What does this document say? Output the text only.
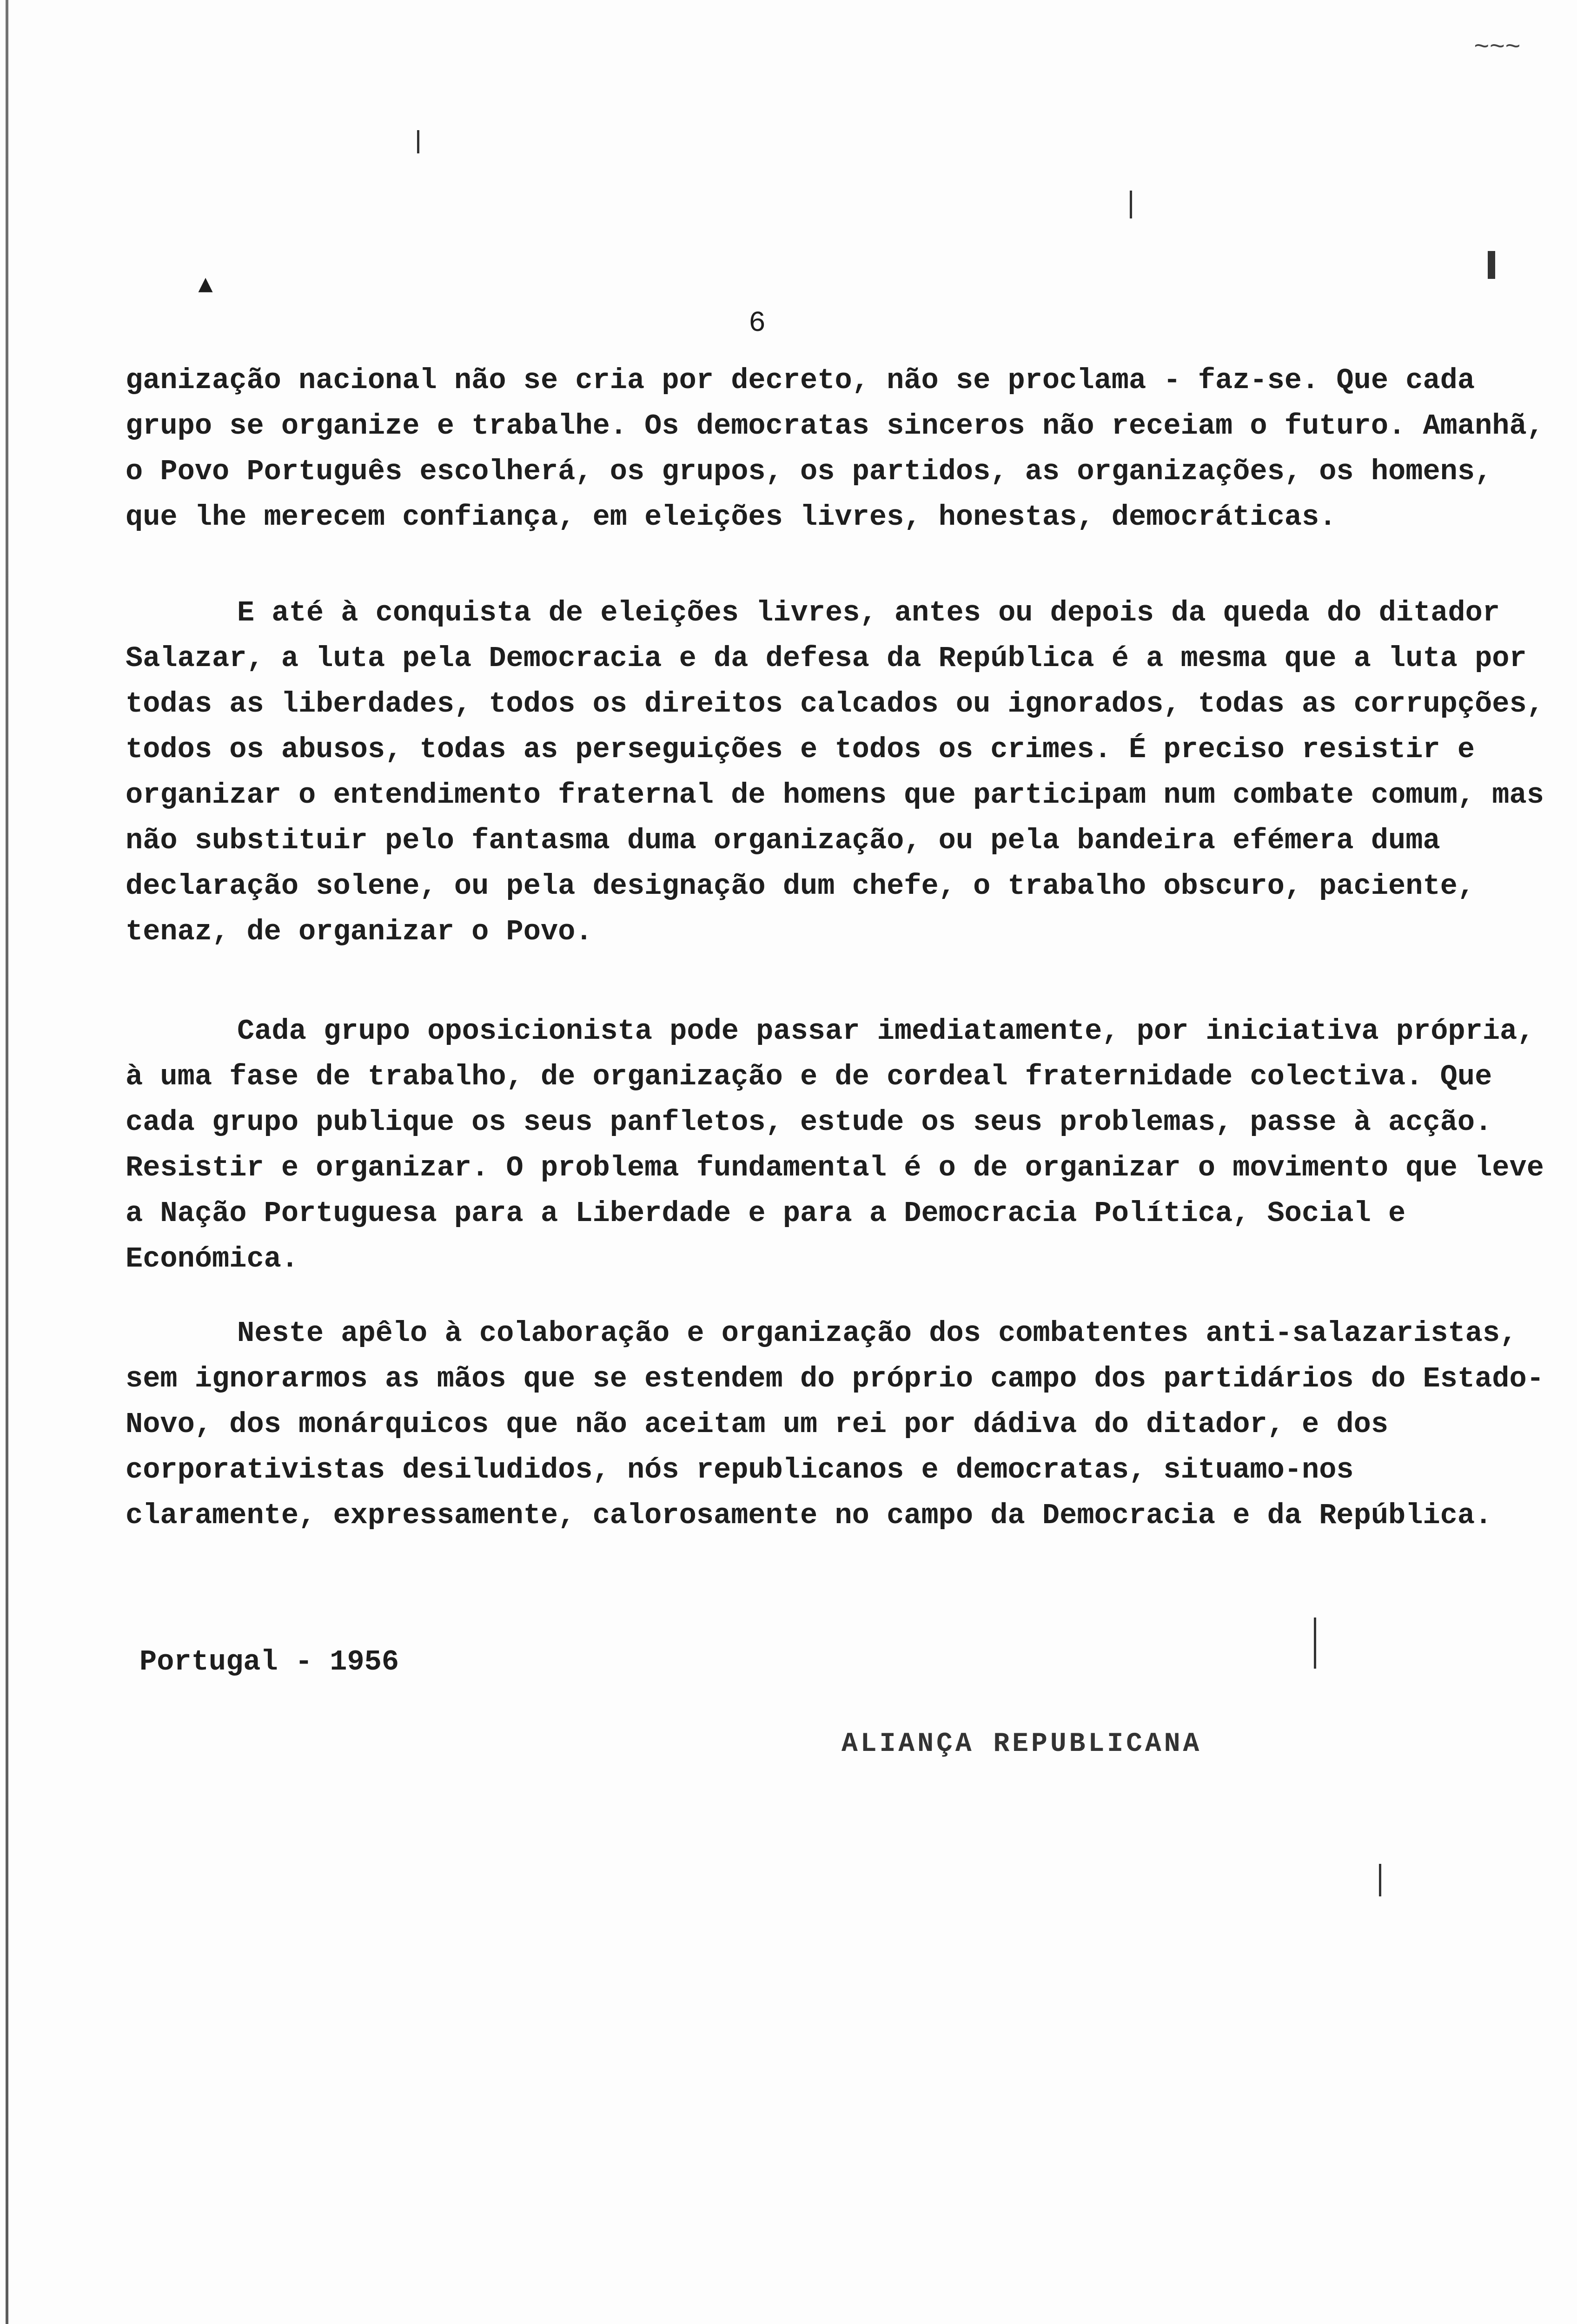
~~~
▴
6

ganização nacional não se cria por decreto, não se proclama - faz-se. Que cada grupo se organize e trabalhe. Os democratas sinceros não receiam o futuro. Amanhã, o Povo Português escolherá, os grupos, os partidos, as organizações, os homens, que lhe merecem confiança, em eleições livres, honestas, democráticas.

E até à conquista de eleições livres, antes ou depois da queda do ditador Salazar, a luta pela Democracia e da defesa da República é a mesma que a luta por todas as liberdades, todos os direitos calcados ou ignorados, todas as corrupções, todos os abusos, todas as perseguições e todos os crimes. É preciso resistir e organizar o entendimento fraternal de homens que participam num combate comum, mas não substituir pelo fantasma duma organização, ou pela bandeira efémera duma declaração solene, ou pela designação dum chefe, o trabalho obscuro, paciente, tenaz, de organizar o Povo.

Cada grupo oposicionista pode passar imediatamente, por iniciativa própria, à uma fase de trabalho, de organização e de cordeal fraternidade colectiva. Que cada grupo publique os seus panfletos, estude os seus problemas, passe à acção. Resistir e organizar. O problema fundamental é o de organizar o movimento que leve a Nação Portuguesa para a Liberdade e para a Democracia Política, Social e Económica.

Neste apêlo à colaboração e organização dos combatentes anti-salazaristas, sem ignorarmos as mãos que se estendem do próprio campo dos partidários do Estado-Novo, dos monárquicos que não aceitam um rei por dádiva do ditador, e dos corporativistas desiludidos, nós republicanos e democratas, situamo-nos claramente, expressamente, calorosamente no campo da Democracia e da República.

Portugal - 1956
ALIANÇA REPUBLICANA
